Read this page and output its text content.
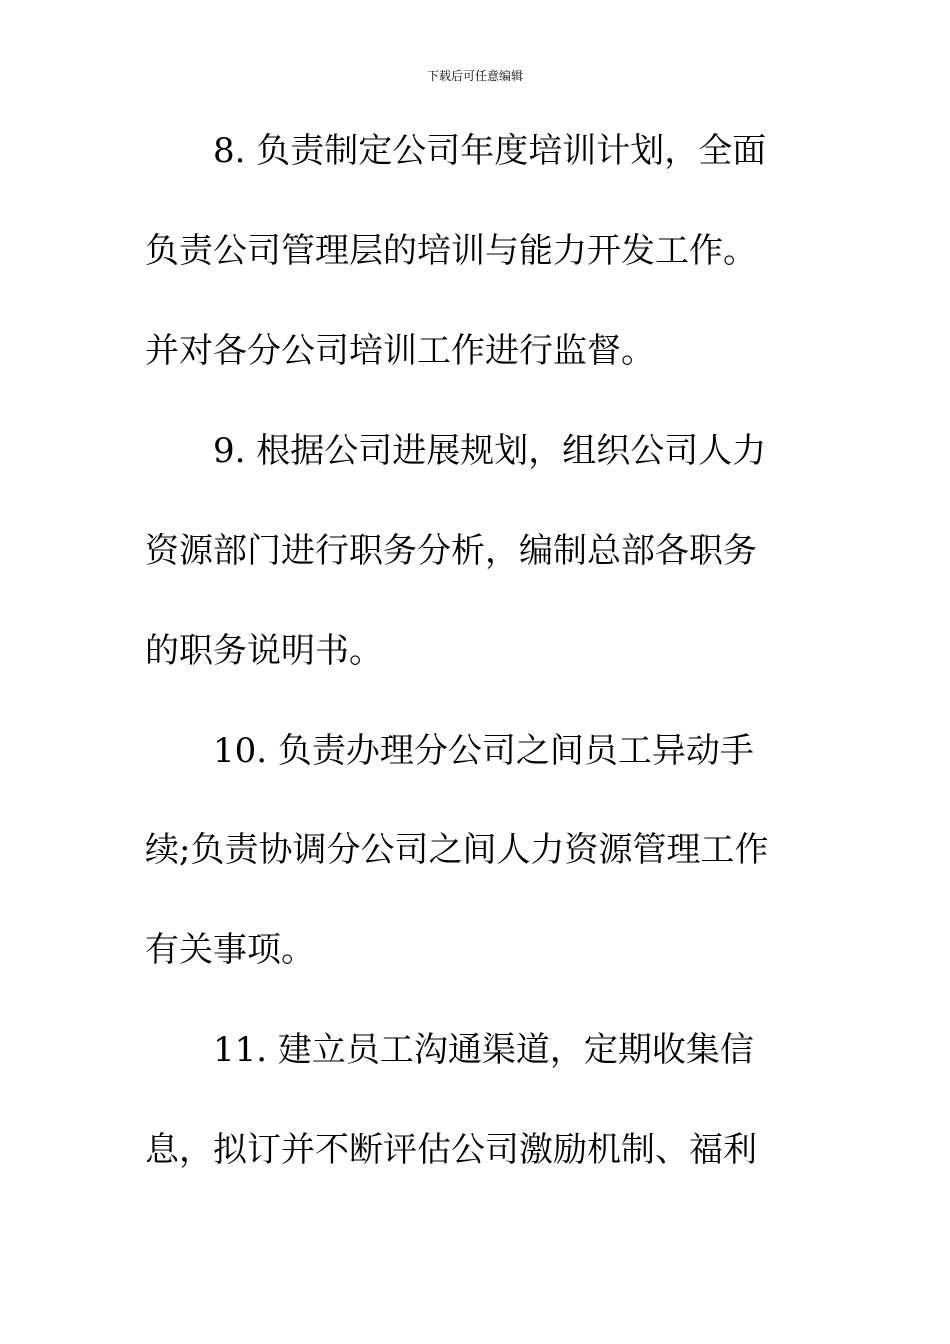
下载后可任意编辑
8. 负责制定公司年度培训计划，全面
负责公司管理层的培训与能力开发工作。
并对各分公司培训工作进行监督。
9. 根据公司进展规划，组织公司人力
资源部门进行职务分析，编制总部各职务
的职务说明书。
10. 负责办理分公司之间员工异动手
续;负责协调分公司之间人力资源管理工作
有关事项。
11. 建立员工沟通渠道，定期收集信
息，拟订并不断评估公司激励机制、福利
